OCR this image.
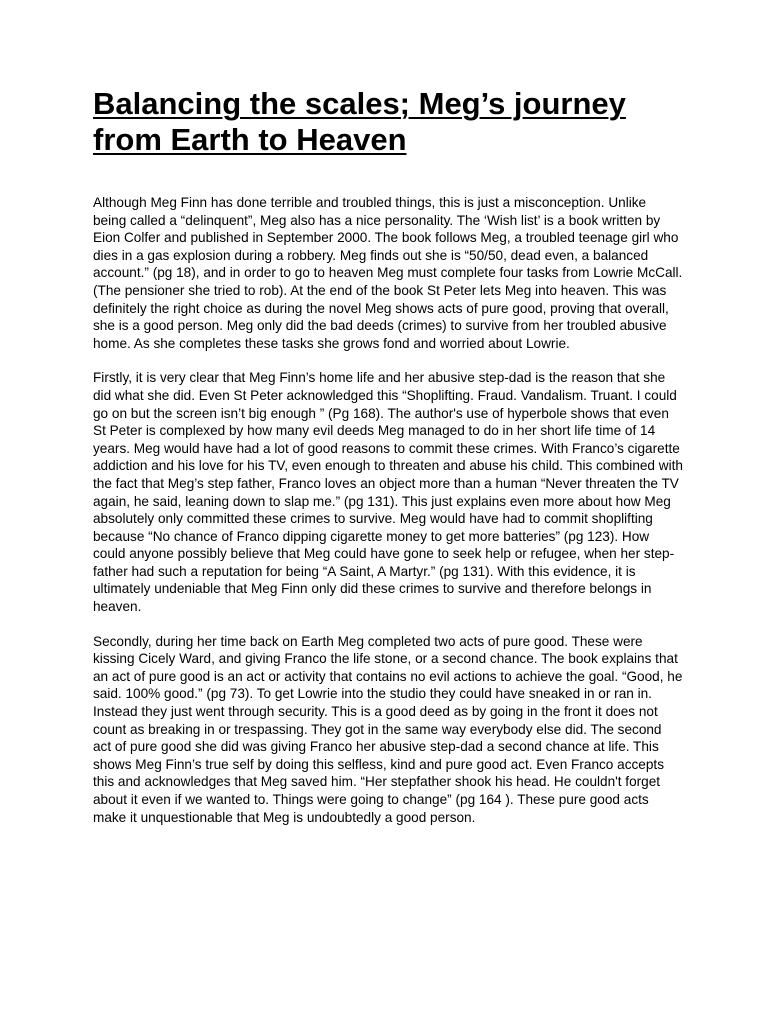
Balancing the scales; Meg’s journey
from Earth to Heaven

Although Meg Finn has done terrible and troubled things, this is just a misconception. Unlike being called a “delinquent”, Meg also has a nice personality. The ‘Wish list’ is a book written by Eion Colfer and published in September 2000. The book follows Meg, a troubled teenage girl who dies in a gas explosion during a robbery. Meg finds out she is “50/50, dead even, a balanced account.” (pg 18), and in order to go to heaven Meg must complete four tasks from Lowrie McCall. (The pensioner she tried to rob). At the end of the book St Peter lets Meg into heaven. This was definitely the right choice as during the novel Meg shows acts of pure good, proving that overall, she is a good person. Meg only did the bad deeds (crimes) to survive from her troubled abusive home. As she completes these tasks she grows fond and worried about Lowrie.

Firstly, it is very clear that Meg Finn’s home life and her abusive step-dad is the reason that she did what she did. Even St Peter acknowledged this “Shoplifting. Fraud. Vandalism. Truant. I could go on but the screen isn’t big enough ” (Pg 168). The author's use of hyperbole shows that even St Peter is complexed by how many evil deeds Meg managed to do in her short life time of 14 years. Meg would have had a lot of good reasons to commit these crimes. With Franco’s cigarette addiction and his love for his TV, even enough to threaten and abuse his child. This combined with the fact that Meg’s step father, Franco loves an object more than a human “Never threaten the TV again, he said, leaning down to slap me.” (pg 131). This just explains even more about how Meg absolutely only committed these crimes to survive. Meg would have had to commit shoplifting because “No chance of Franco dipping cigarette money to get more batteries” (pg 123). How could anyone possibly believe that Meg could have gone to seek help or refugee, when her step-father had such a reputation for being “A Saint, A Martyr.” (pg 131). With this evidence, it is ultimately undeniable that Meg Finn only did these crimes to survive and therefore belongs in heaven.

Secondly, during her time back on Earth Meg completed two acts of pure good. These were kissing Cicely Ward, and giving Franco the life stone, or a second chance. The book explains that an act of pure good is an act or activity that contains no evil actions to achieve the goal. “Good, he said. 100% good.” (pg 73). To get Lowrie into the studio they could have sneaked in or ran in. Instead they just went through security. This is a good deed as by going in the front it does not count as breaking in or trespassing. They got in the same way everybody else did. The second act of pure good she did was giving Franco her abusive step-dad a second chance at life. This shows Meg Finn’s true self by doing this selfless, kind and pure good act. Even Franco accepts this and acknowledges that Meg saved him. “Her stepfather shook his head. He couldn't forget about it even if we wanted to. Things were going to change” (pg 164 ). These pure good acts make it unquestionable that Meg is undoubtedly a good person.
